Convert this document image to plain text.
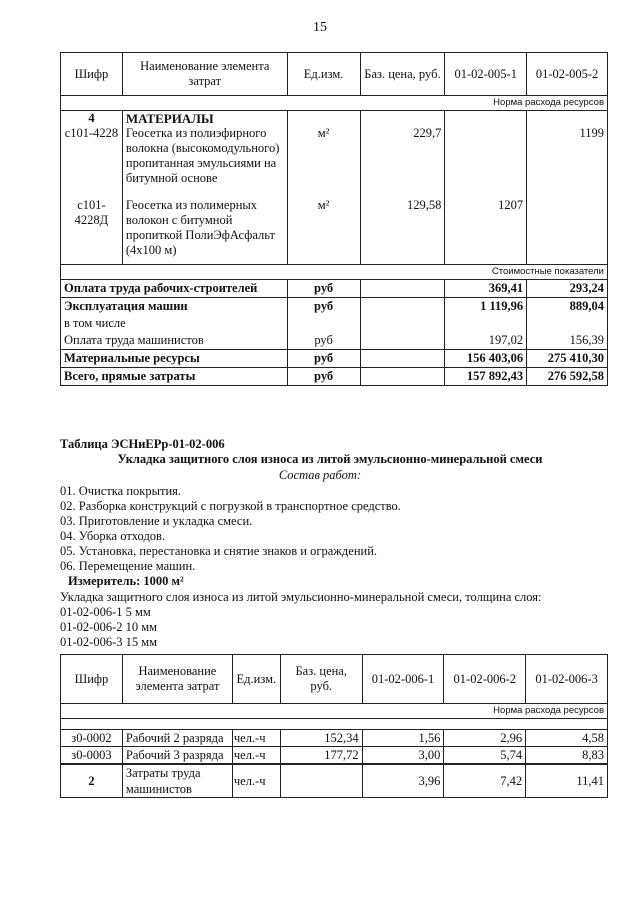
15
Шифр	Наименование элемента затрат	Ед.изм.	Баз. цена, руб.	01-02-005-1	01-02-005-2
Норма расхода ресурсов					
4	МАТЕРИАЛЫ				
с101-4228	Геосетка из полиэфирного волокна (высокомодульного) пропитанная эмульсиями на битумной основе	м²	229,7		1199
с101-4228Д	Геосетка из полимерных волокон с битумной пропиткой ПолиЭфАсфальт (4х100 м)	м²	129,58	1207	
Стоимостные показатели					
Оплата труда рабочих-строителей		руб		369,41	293,24
Эксплуатация машин		руб		1 119,96	889,04
в том числе					
Оплата труда машинистов		руб		197,02	156,39
Материальные ресурсы		руб		156 403,06	275 410,30
Всего, прямые затраты		руб		157 892,43	276 592,58
Таблица ЭСНиЕРр-01-02-006
Укладка защитного слоя износа из литой эмульсионно-минеральной смеси
Состав работ:
01. Очистка покрытия.
02. Разборка конструкций с погрузкой в транспортное средство.
03. Приготовление и укладка смеси.
04. Уборка отходов.
05. Установка, перестановка и снятие знаков и ограждений.
06. Перемещение машин.
Измеритель: 1000 м²
Укладка защитного слоя износа из литой эмульсионно-минеральной смеси, толщина слоя:
01-02-006-1 5 мм
01-02-006-2 10 мм
01-02-006-3 15 мм
Шифр	Наименование элемента затрат	Ед.изм.	Баз. цена, руб.	01-02-006-1	01-02-006-2	01-02-006-3
Норма расхода ресурсов						

з0-0002	Рабочий 2 разряда	чел.-ч	152,34	1,56	2,96	4,58
з0-0003	Рабочий 3 разряда	чел.-ч	177,72	3,00	5,74	8,83
2	Затраты труда машинистов	чел.-ч		3,96	7,42	11,41
